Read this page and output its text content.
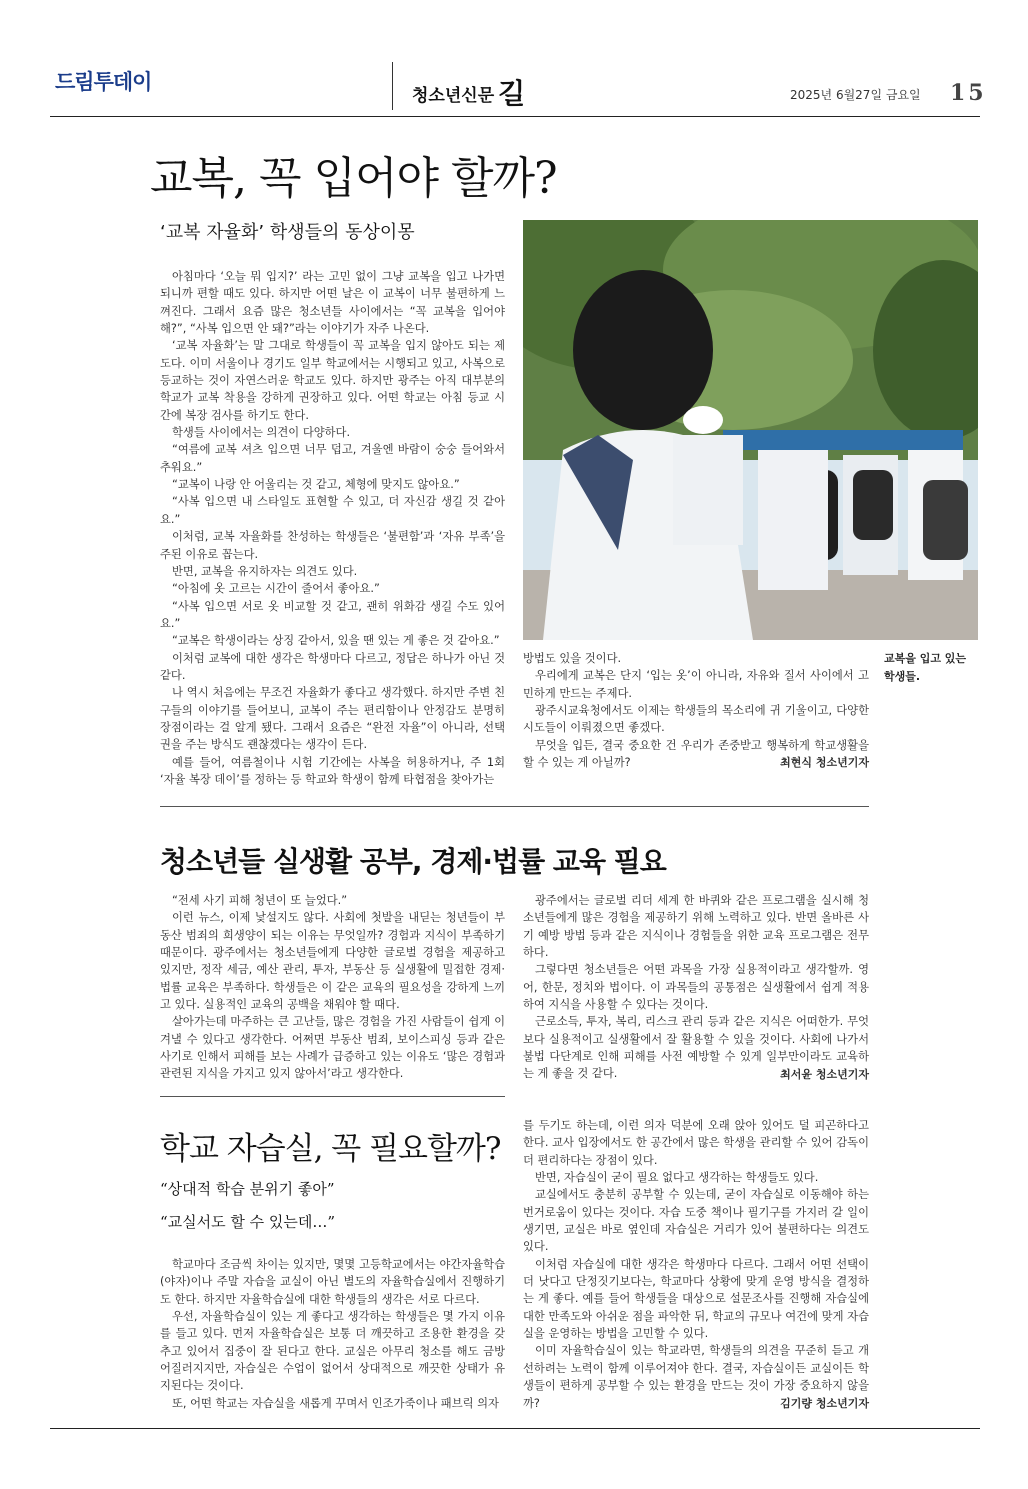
드림투데이
청소년신문 길	2025년 6월27일 금요일 15
교복, 꼭 입어야 할까?
‘교복 자율화’ 학생들의 동상이몽

아침마다 ‘오늘 뭐 입지?’ 라는 고민 없이 그냥 교복을 입고 나가면 되니까 편할 때도 있다. 하지만 어떤 날은 이 교복이 너무 불편하게 느껴진다. 그래서 요즘 많은 청소년들 사이에서는 “꼭 교복을 입어야 해?”, “사복 입으면 안 돼?”라는 이야기가 자주 나온다.

‘교복 자율화’는 말 그대로 학생들이 꼭 교복을 입지 않아도 되는 제도다. 이미 서울이나 경기도 일부 학교에서는 시행되고 있고, 사복으로 등교하는 것이 자연스러운 학교도 있다. 하지만 광주는 아직 대부분의 학교가 교복 착용을 강하게 권장하고 있다. 어떤 학교는 아침 등교 시간에 복장 검사를 하기도 한다.

학생들 사이에서는 의견이 다양하다.

“여름에 교복 셔츠 입으면 너무 덥고, 겨울엔 바람이 숭숭 들어와서 추워요.”

“교복이 나랑 안 어울리는 것 같고, 체형에 맞지도 않아요.”

“사복 입으면 내 스타일도 표현할 수 있고, 더 자신감 생길 것 같아요.”

이처럼, 교복 자율화를 찬성하는 학생들은 ‘불편함’과 ‘자유 부족’을 주된 이유로 꼽는다.

반면, 교복을 유지하자는 의견도 있다.

“아침에 옷 고르는 시간이 줄어서 좋아요.”

“사복 입으면 서로 옷 비교할 것 같고, 괜히 위화감 생길 수도 있어요.”

“교복은 학생이라는 상징 같아서, 있을 땐 있는 게 좋은 것 같아요.”

이처럼 교복에 대한 생각은 학생마다 다르고, 정답은 하나가 아닌 것 같다.

나 역시 처음에는 무조건 자율화가 좋다고 생각했다. 하지만 주변 친구들의 이야기를 들어보니, 교복이 주는 편리함이나 안정감도 분명히 장점이라는 걸 알게 됐다. 그래서 요즘은 “완전 자율”이 아니라, 선택권을 주는 방식도 괜찮겠다는 생각이 든다.

예를 들어, 여름철이나 시험 기간에는 사복을 허용하거나, 주 1회 ‘자율 복장 데이’를 정하는 등 학교와 학생이 함께 타협점을 찾아가는

방법도 있을 것이다.

우리에게 교복은 단지 ‘입는 옷’이 아니라, 자유와 질서 사이에서 고민하게 만드는 주제다.

광주시교육청에서도 이제는 학생들의 목소리에 귀 기울이고, 다양한 시도들이 이뤄졌으면 좋겠다.

무엇을 입든, 결국 중요한 건 우리가 존중받고 행복하게 학교생활을 할 수 있는 게 아닐까?	최현식 청소년기자
교복을 입고 있는 학생들.
청소년들 실생활 공부, 경제·법률 교육 필요

“전세 사기 피해 청년이 또 늘었다.”

이런 뉴스, 이제 낯설지도 않다. 사회에 첫발을 내딛는 청년들이 부동산 범죄의 희생양이 되는 이유는 무엇일까? 경험과 지식이 부족하기 때문이다. 광주에서는 청소년들에게 다양한 글로벌 경험을 제공하고 있지만, 정작 세금, 예산 관리, 투자, 부동산 등 실생활에 밀접한 경제·법률 교육은 부족하다. 학생들은 이 같은 교육의 필요성을 강하게 느끼고 있다. 실용적인 교육의 공백을 채워야 할 때다.

살아가는데 마주하는 큰 고난들, 많은 경험을 가진 사람들이 쉽게 이겨낼 수 있다고 생각한다. 어쩌면 부동산 범죄, 보이스피싱 등과 같은 사기로 인해서 피해를 보는 사례가 급증하고 있는 이유도 ‘많은 경험과 관련된 지식을 가지고 있지 않아서’라고 생각한다.

광주에서는 글로벌 리더 세계 한 바퀴와 같은 프로그램을 실시해 청소년들에게 많은 경험을 제공하기 위해 노력하고 있다. 반면 올바른 사기 예방 방법 등과 같은 지식이나 경험들을 위한 교육 프로그램은 전무하다.

그렇다면 청소년들은 어떤 과목을 가장 실용적이라고 생각할까. 영어, 한문, 정치와 법이다. 이 과목들의 공통점은 실생활에서 쉽게 적용하여 지식을 사용할 수 있다는 것이다.

근로소득, 투자, 복리, 리스크 관리 등과 같은 지식은 어떠한가. 무엇보다 실용적이고 실생활에서 잘 활용할 수 있을 것이다. 사회에 나가서 불법 다단계로 인해 피해를 사전 예방할 수 있게 일부만이라도 교육하는 게 좋을 것 같다.	최서윤 청소년기자
학교 자습실, 꼭 필요할까?
“상대적 학습 분위기 좋아”
“교실서도 할 수 있는데…”

학교마다 조금씩 차이는 있지만, 몇몇 고등학교에서는 야간자율학습(야자)이나 주말 자습을 교실이 아닌 별도의 자율학습실에서 진행하기도 한다. 하지만 자율학습실에 대한 학생들의 생각은 서로 다르다.

우선, 자율학습실이 있는 게 좋다고 생각하는 학생들은 몇 가지 이유를 들고 있다. 먼저 자율학습실은 보통 더 깨끗하고 조용한 환경을 갖추고 있어서 집중이 잘 된다고 한다. 교실은 아무리 청소를 해도 금방 어질러지지만, 자습실은 수업이 없어서 상대적으로 깨끗한 상태가 유지된다는 것이다.

또, 어떤 학교는 자습실을 새롭게 꾸며서 인조가죽이나 패브릭 의자

를 두기도 하는데, 이런 의자 덕분에 오래 앉아 있어도 덜 피곤하다고 한다. 교사 입장에서도 한 공간에서 많은 학생을 관리할 수 있어 감독이 더 편리하다는 장점이 있다.

반면, 자습실이 굳이 필요 없다고 생각하는 학생들도 있다.

교실에서도 충분히 공부할 수 있는데, 굳이 자습실로 이동해야 하는 번거로움이 있다는 것이다. 자습 도중 책이나 필기구를 가지러 갈 일이 생기면, 교실은 바로 옆인데 자습실은 거리가 있어 불편하다는 의견도 있다.

이처럼 자습실에 대한 생각은 학생마다 다르다. 그래서 어떤 선택이 더 낫다고 단정짓기보다는, 학교마다 상황에 맞게 운영 방식을 결정하는 게 좋다. 예를 들어 학생들을 대상으로 설문조사를 진행해 자습실에 대한 만족도와 아쉬운 점을 파악한 뒤, 학교의 규모나 여건에 맞게 자습실을 운영하는 방법을 고민할 수 있다.

이미 자율학습실이 있는 학교라면, 학생들의 의견을 꾸준히 듣고 개선하려는 노력이 함께 이루어져야 한다. 결국, 자습실이든 교실이든 학생들이 편하게 공부할 수 있는 환경을 만드는 것이 가장 중요하지 않을까?	김기량 청소년기자
